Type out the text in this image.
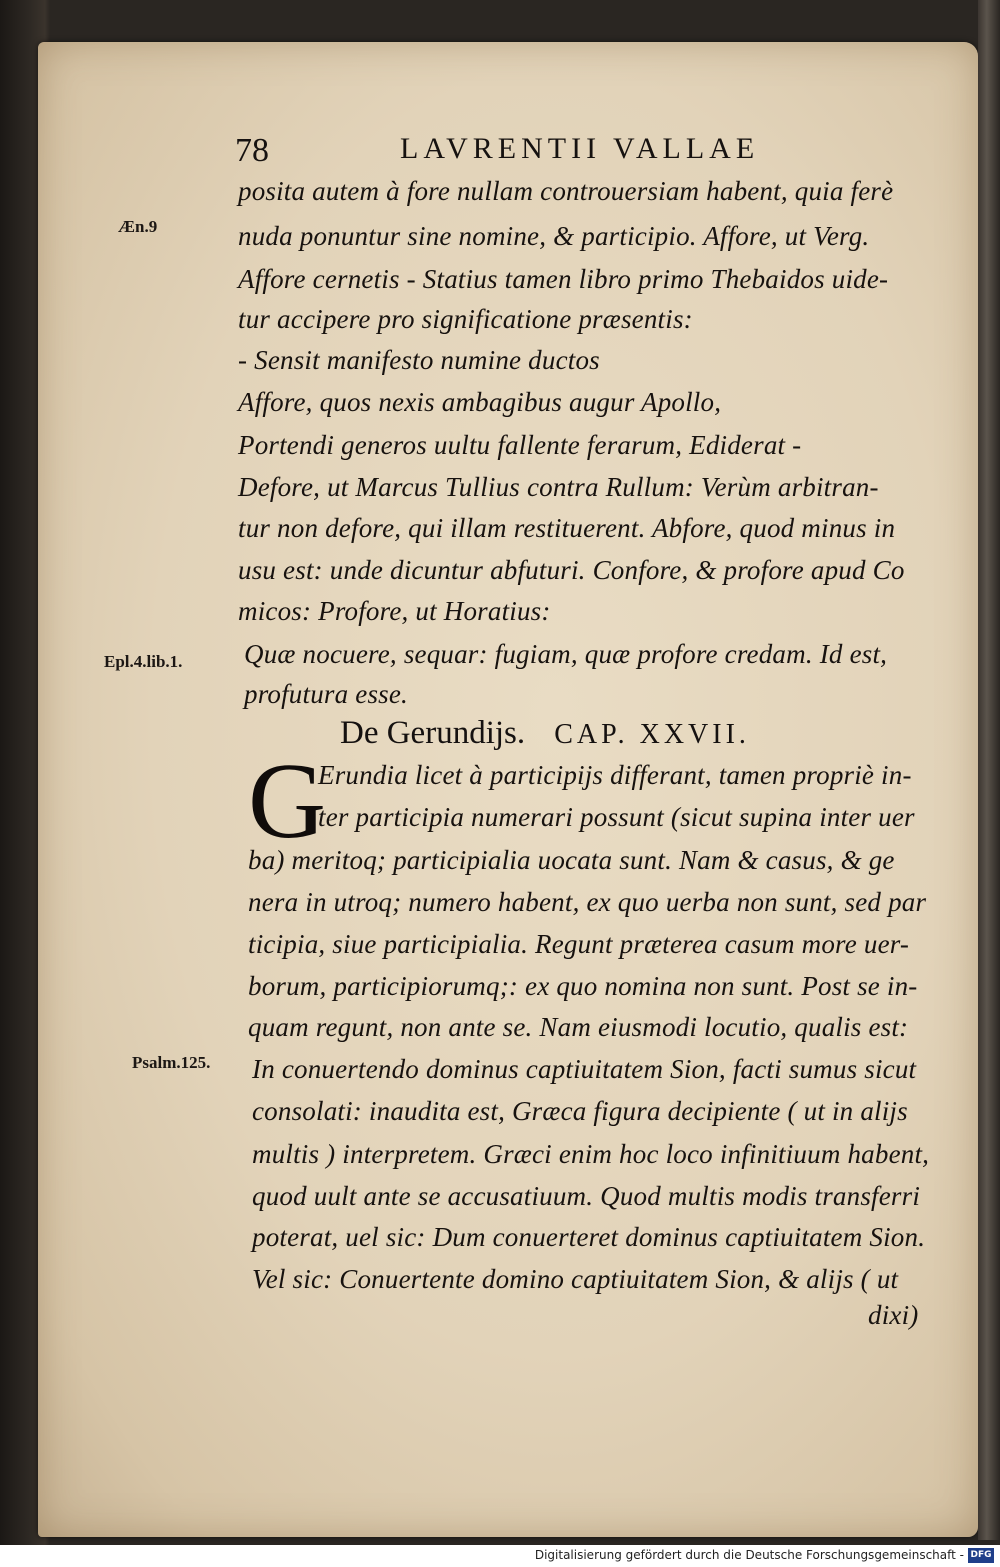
78	LAVRENTII VALLAE
Æn.9
Epl.4.lib.1.
Psalm.125.
posita autem à fore nullam controuersiam habent, quia ferè
nuda ponuntur sine nomine, & participio. Affore, ut Verg.
Affore cernetis - Statius tamen libro primo Thebaidos uide-
tur accipere pro significatione præsentis:
- Sensit manifesto numine ductos
Affore, quos nexis ambagibus augur Apollo,
Portendi generos uultu fallente ferarum, Ediderat -
Defore, ut Marcus Tullius contra Rullum: Verùm arbitran-
tur non defore, qui illam restituerent. Abfore, quod minus in
usu est: unde dicuntur abfuturi. Confore, & profore apud Co
micos: Profore, ut Horatius:
Quæ nocuere, sequar: fugiam, quæ profore credam. Id est,
profutura esse.
De Gerundijs. CAP. XXVII.
G
Erundia licet à participijs differant, tamen propriè in-
ter participia numerari possunt (sicut supina inter uer
ba) meritoq; participialia uocata sunt. Nam & casus, & ge
nera in utroq; numero habent, ex quo uerba non sunt, sed par
ticipia, siue participialia. Regunt præterea casum more uer-
borum, participiorumq;: ex quo nomina non sunt. Post se in-
quam regunt, non ante se. Nam eiusmodi locutio, qualis est:
In conuertendo dominus captiuitatem Sion, facti sumus sicut
consolati: inaudita est, Græca figura decipiente ( ut in alijs
multis ) interpretem. Græci enim hoc loco infinitiuum habent,
quod uult ante se accusatiuum. Quod multis modis transferri
poterat, uel sic: Dum conuerteret dominus captiuitatem Sion.
Vel sic: Conuertente domino captiuitatem Sion, & alijs ( ut
dixi)
Digitalisierung gefördert durch die Deutsche Forschungsgemeinschaft - DFG
